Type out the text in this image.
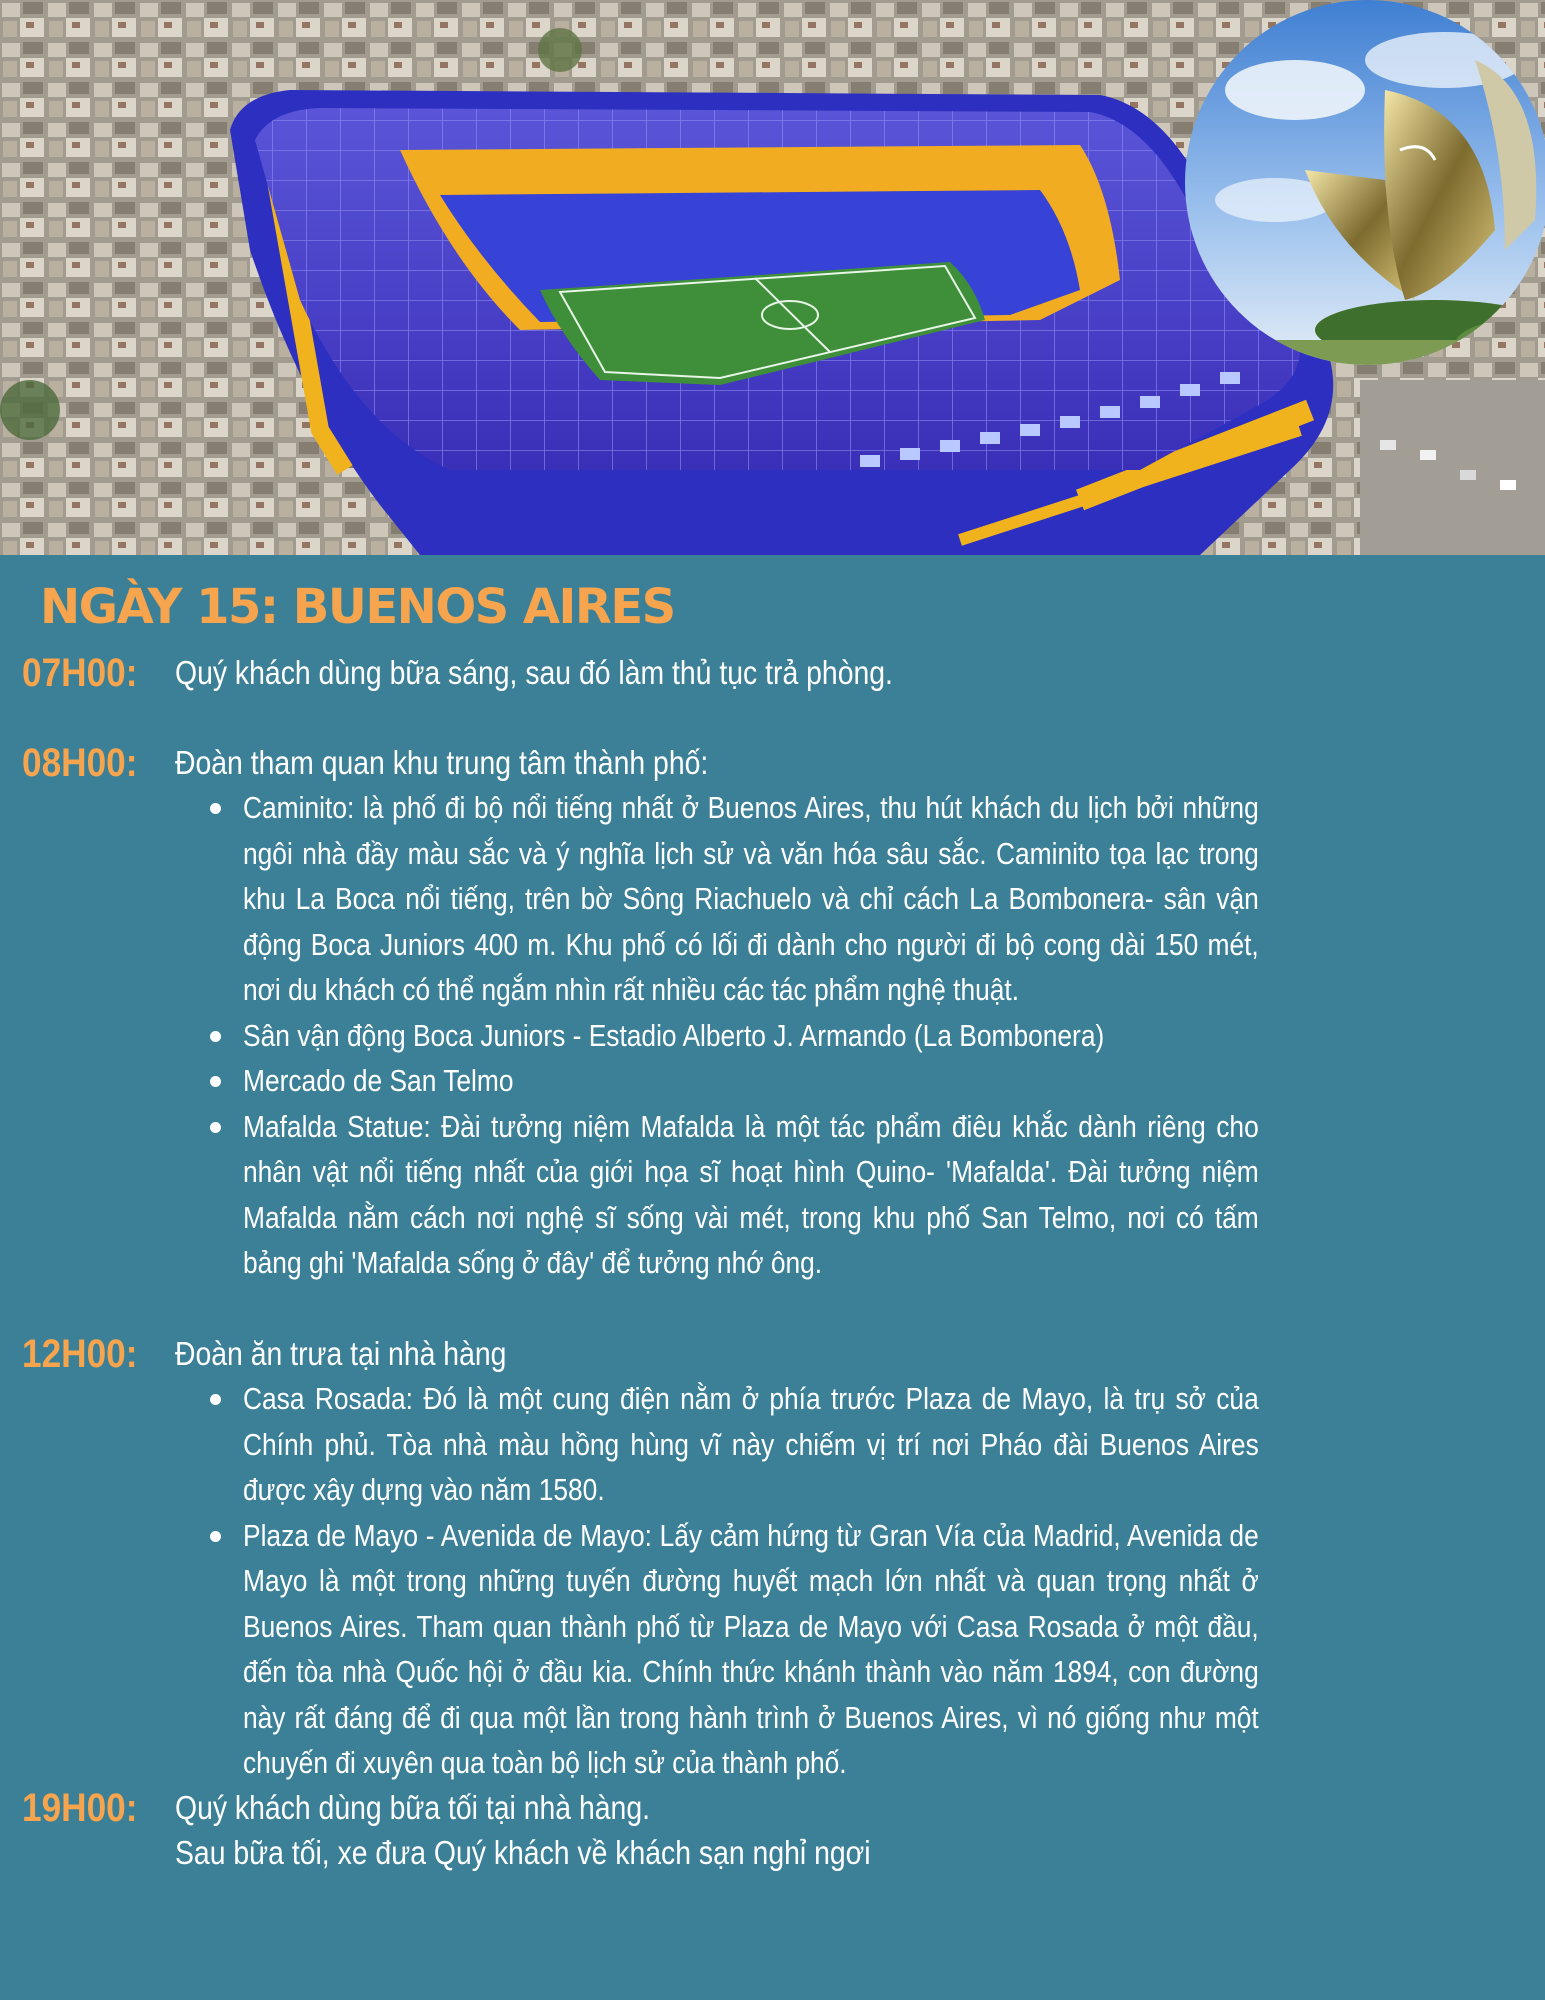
NGÀY 15: BUENOS AIRES

07H00: Quý khách dùng bữa sáng, sau đó làm thủ tục trả phòng.

08H00: Đoàn tham quan khu trung tâm thành phố:

Caminito: là phố đi bộ nổi tiếng nhất ở Buenos Aires, thu hút khách du lịch bởi những ngôi nhà đầy màu sắc và ý nghĩa lịch sử và văn hóa sâu sắc. Caminito tọa lạc trong khu La Boca nổi tiếng, trên bờ Sông Riachuelo và chỉ cách La Bombonera- sân vận động Boca Juniors 400 m. Khu phố có lối đi dành cho người đi bộ cong dài 150 mét, nơi du khách có thể ngắm nhìn rất nhiều các tác phẩm nghệ thuật.
Sân vận động Boca Juniors - Estadio Alberto J. Armando (La Bombonera)
Mercado de San Telmo
Mafalda Statue: Đài tưởng niệm Mafalda là một tác phẩm điêu khắc dành riêng cho nhân vật nổi tiếng nhất của giới họa sĩ hoạt hình Quino- 'Mafalda'. Đài tưởng niệm Mafalda nằm cách nơi nghệ sĩ sống vài mét, trong khu phố San Telmo, nơi có tấm bảng ghi 'Mafalda sống ở đây' để tưởng nhớ ông.

12H00: Đoàn ăn trưa tại nhà hàng

Casa Rosada: Đó là một cung điện nằm ở phía trước Plaza de Mayo, là trụ sở của Chính phủ. Tòa nhà màu hồng hùng vĩ này chiếm vị trí nơi Pháo đài Buenos Aires được xây dựng vào năm 1580.
Plaza de Mayo - Avenida de Mayo: Lấy cảm hứng từ Gran Vía của Madrid, Avenida de Mayo là một trong những tuyến đường huyết mạch lớn nhất và quan trọng nhất ở Buenos Aires. Tham quan thành phố từ Plaza de Mayo với Casa Rosada ở một đầu, đến tòa nhà Quốc hội ở đầu kia. Chính thức khánh thành vào năm 1894, con đường này rất đáng để đi qua một lần trong hành trình ở Buenos Aires, vì nó giống như một chuyến đi xuyên qua toàn bộ lịch sử của thành phố.

19H00: Quý khách dùng bữa tối tại nhà hàng.

Sau bữa tối, xe đưa Quý khách về khách sạn nghỉ ngơi
